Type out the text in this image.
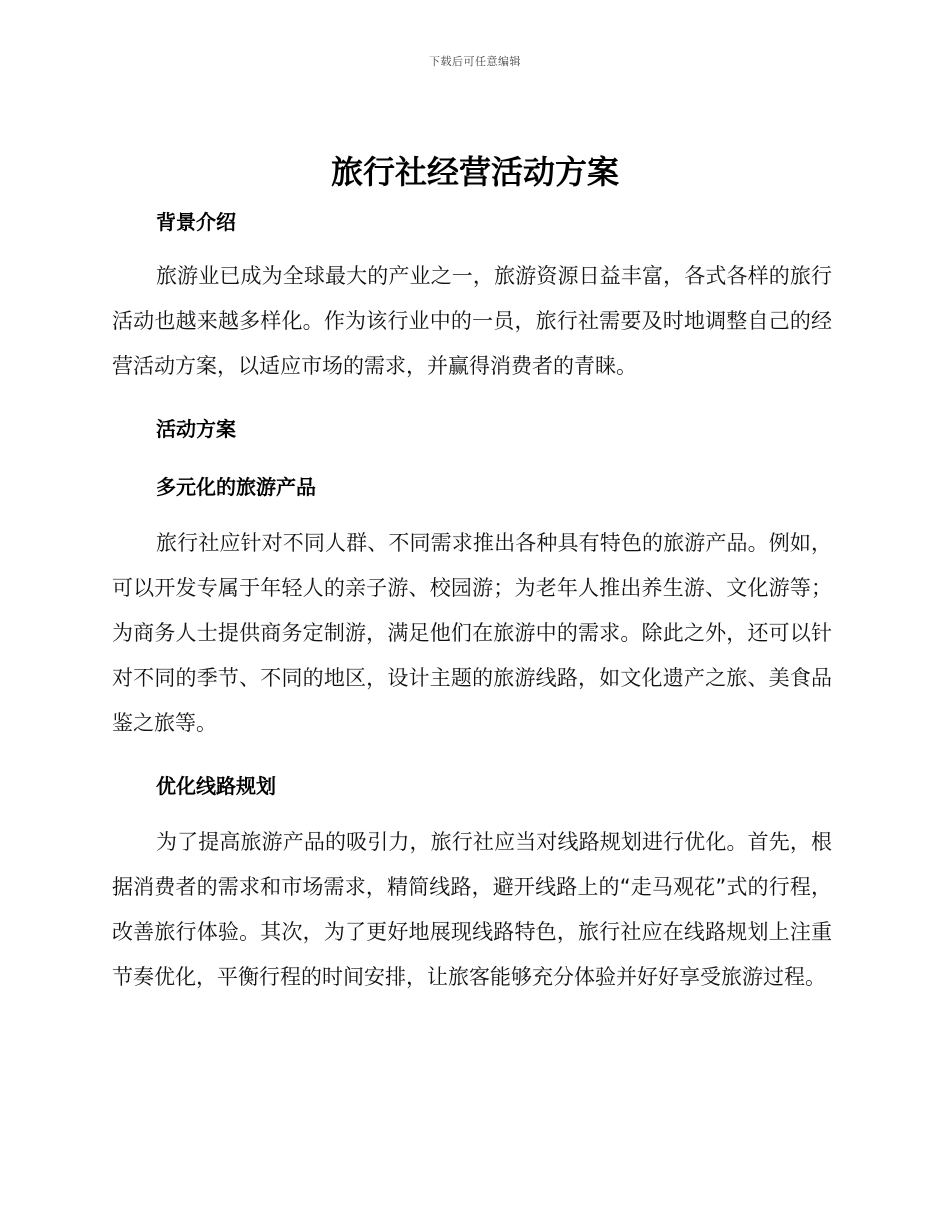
下载后可任意编辑
旅行社经营活动方案
背景介绍

旅游业已成为全球最大的产业之一，旅游资源日益丰富，各式各样的旅行活动也越来越多样化。作为该行业中的一员，旅行社需要及时地调整自己的经营活动方案，以适应市场的需求，并赢得消费者的青睐。

活动方案
多元化的旅游产品

旅行社应针对不同人群、不同需求推出各种具有特色的旅游产品。例如，可以开发专属于年轻人的亲子游、校园游；为老年人推出养生游、文化游等；为商务人士提供商务定制游，满足他们在旅游中的需求。除此之外，还可以针对不同的季节、不同的地区，设计主题的旅游线路，如文化遗产之旅、美食品鉴之旅等。

优化线路规划

为了提高旅游产品的吸引力，旅行社应当对线路规划进行优化。首先，根据消费者的需求和市场需求，精简线路，避开线路上的“走马观花”式的行程，改善旅行体验。其次，为了更好地展现线路特色，旅行社应在线路规划上注重节奏优化，平衡行程的时间安排，让旅客能够充分体验并好好享受旅游过程。
